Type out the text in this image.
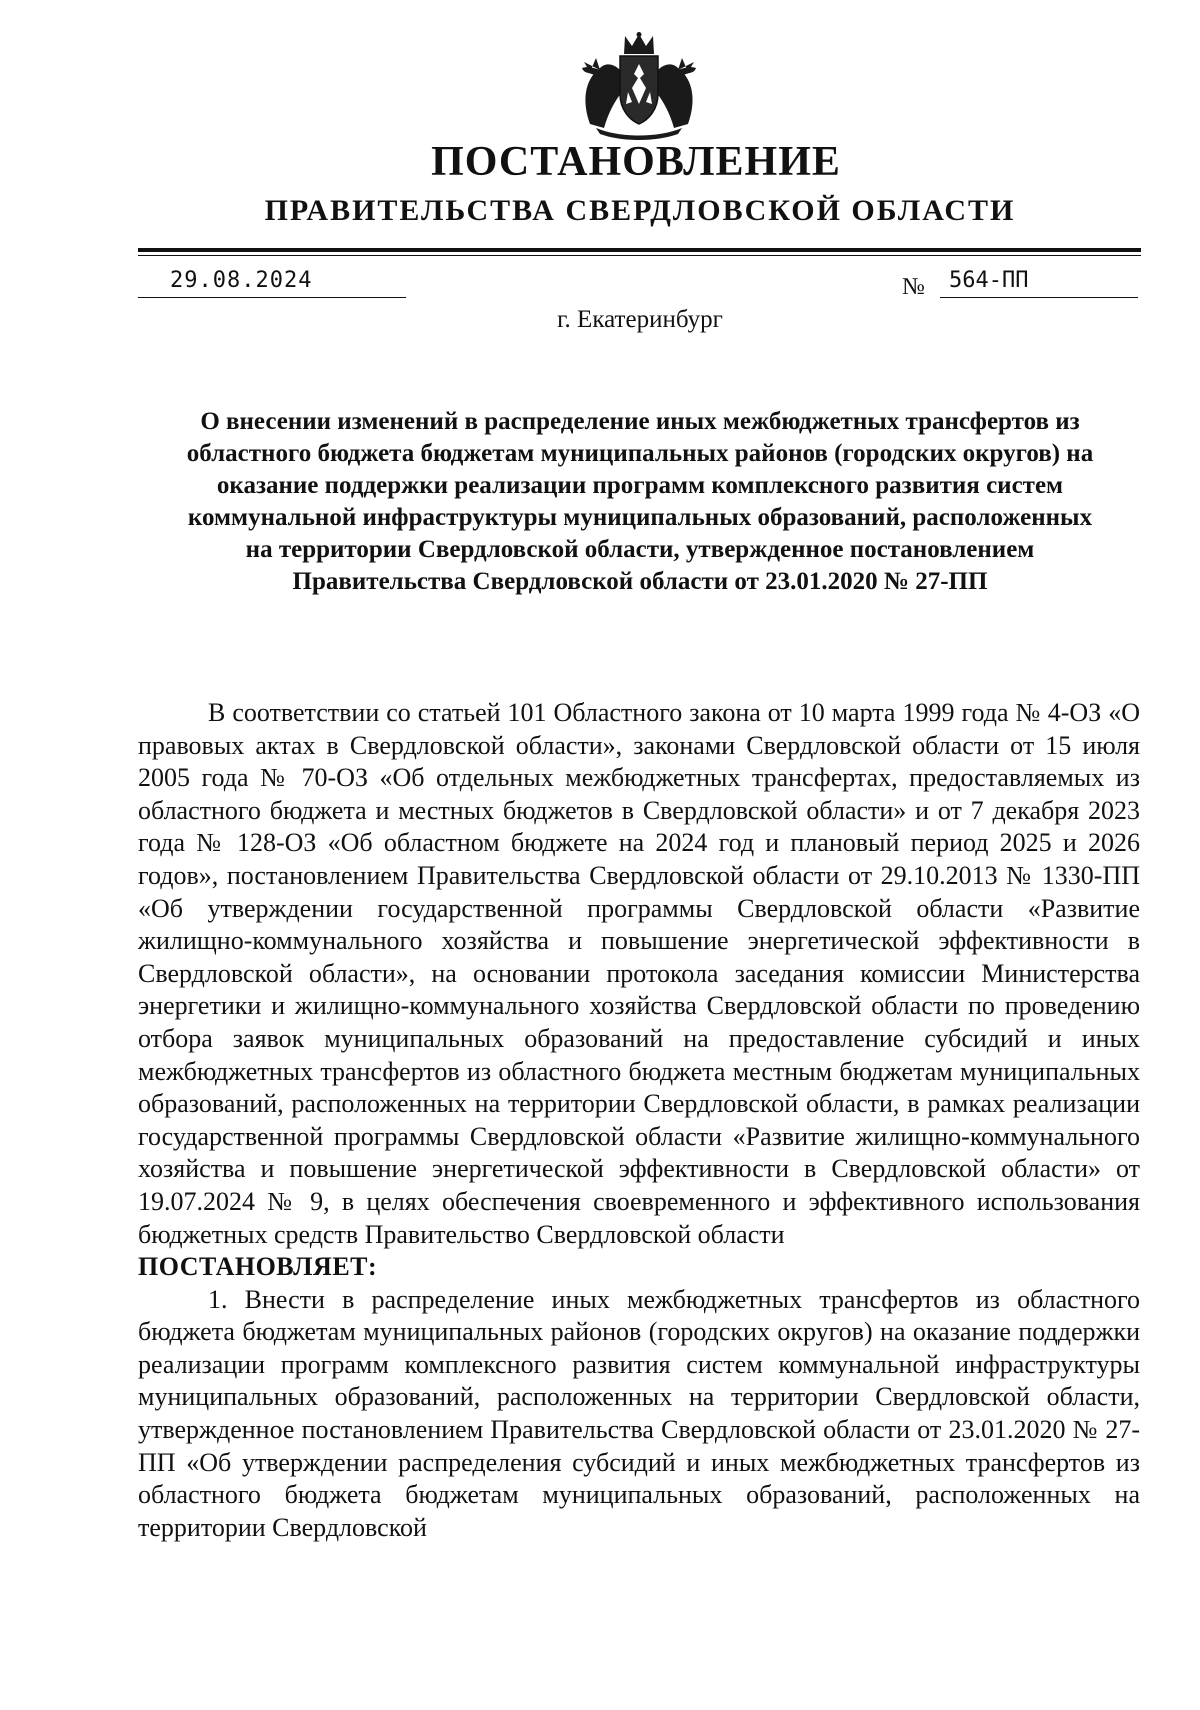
ПОСТАНОВЛЕНИЕ
ПРАВИТЕЛЬСТВА СВЕРДЛОВСКОЙ ОБЛАСТИ
29.08.2024	№ 564-ПП
г. Екатеринбург
О внесении изменений в распределение иных межбюджетных трансфертов из областного бюджета бюджетам муниципальных районов (городских округов) на оказание поддержки реализации программ комплексного развития систем коммунальной инфраструктуры муниципальных образований, расположенных на территории Свердловской области, утвержденное постановлением Правительства Свердловской области от 23.01.2020 № 27-ПП

В соответствии со статьей 101 Областного закона от 10 марта 1999 года № 4-ОЗ «О правовых актах в Свердловской области», законами Свердловской области от 15 июля 2005 года № 70-ОЗ «Об отдельных межбюджетных трансфертах, предоставляемых из областного бюджета и местных бюджетов в Свердловской области» и от 7 декабря 2023 года № 128-ОЗ «Об областном бюджете на 2024 год и плановый период 2025 и 2026 годов», постановлением Правительства Свердловской области от 29.10.2013 № 1330-ПП «Об утверждении государственной программы Свердловской области «Развитие жилищно-коммунального хозяйства и повышение энергетической эффективности в Свердловской области», на основании протокола заседания комиссии Министерства энергетики и жилищно-коммунального хозяйства Свердловской области по проведению отбора заявок муниципальных образований на предоставление субсидий и иных межбюджетных трансфертов из областного бюджета местным бюджетам муниципальных образований, расположенных на территории Свердловской области, в рамках реализации государственной программы Свердловской области «Развитие жилищно-коммунального хозяйства и повышение энергетической эффективности в Свердловской области» от 19.07.2024 № 9, в целях обеспечения своевременного и эффективного использования бюджетных средств Правительство Свердловской области

ПОСТАНОВЛЯЕТ:

1. Внести в распределение иных межбюджетных трансфертов из областного бюджета бюджетам муниципальных районов (городских округов) на оказание поддержки реализации программ комплексного развития систем коммунальной инфраструктуры муниципальных образований, расположенных на территории Свердловской области, утвержденное постановлением Правительства Свердловской области от 23.01.2020 № 27-ПП «Об утверждении распределения субсидий и иных межбюджетных трансфертов из областного бюджета бюджетам муниципальных образований, расположенных на территории Свердловской
